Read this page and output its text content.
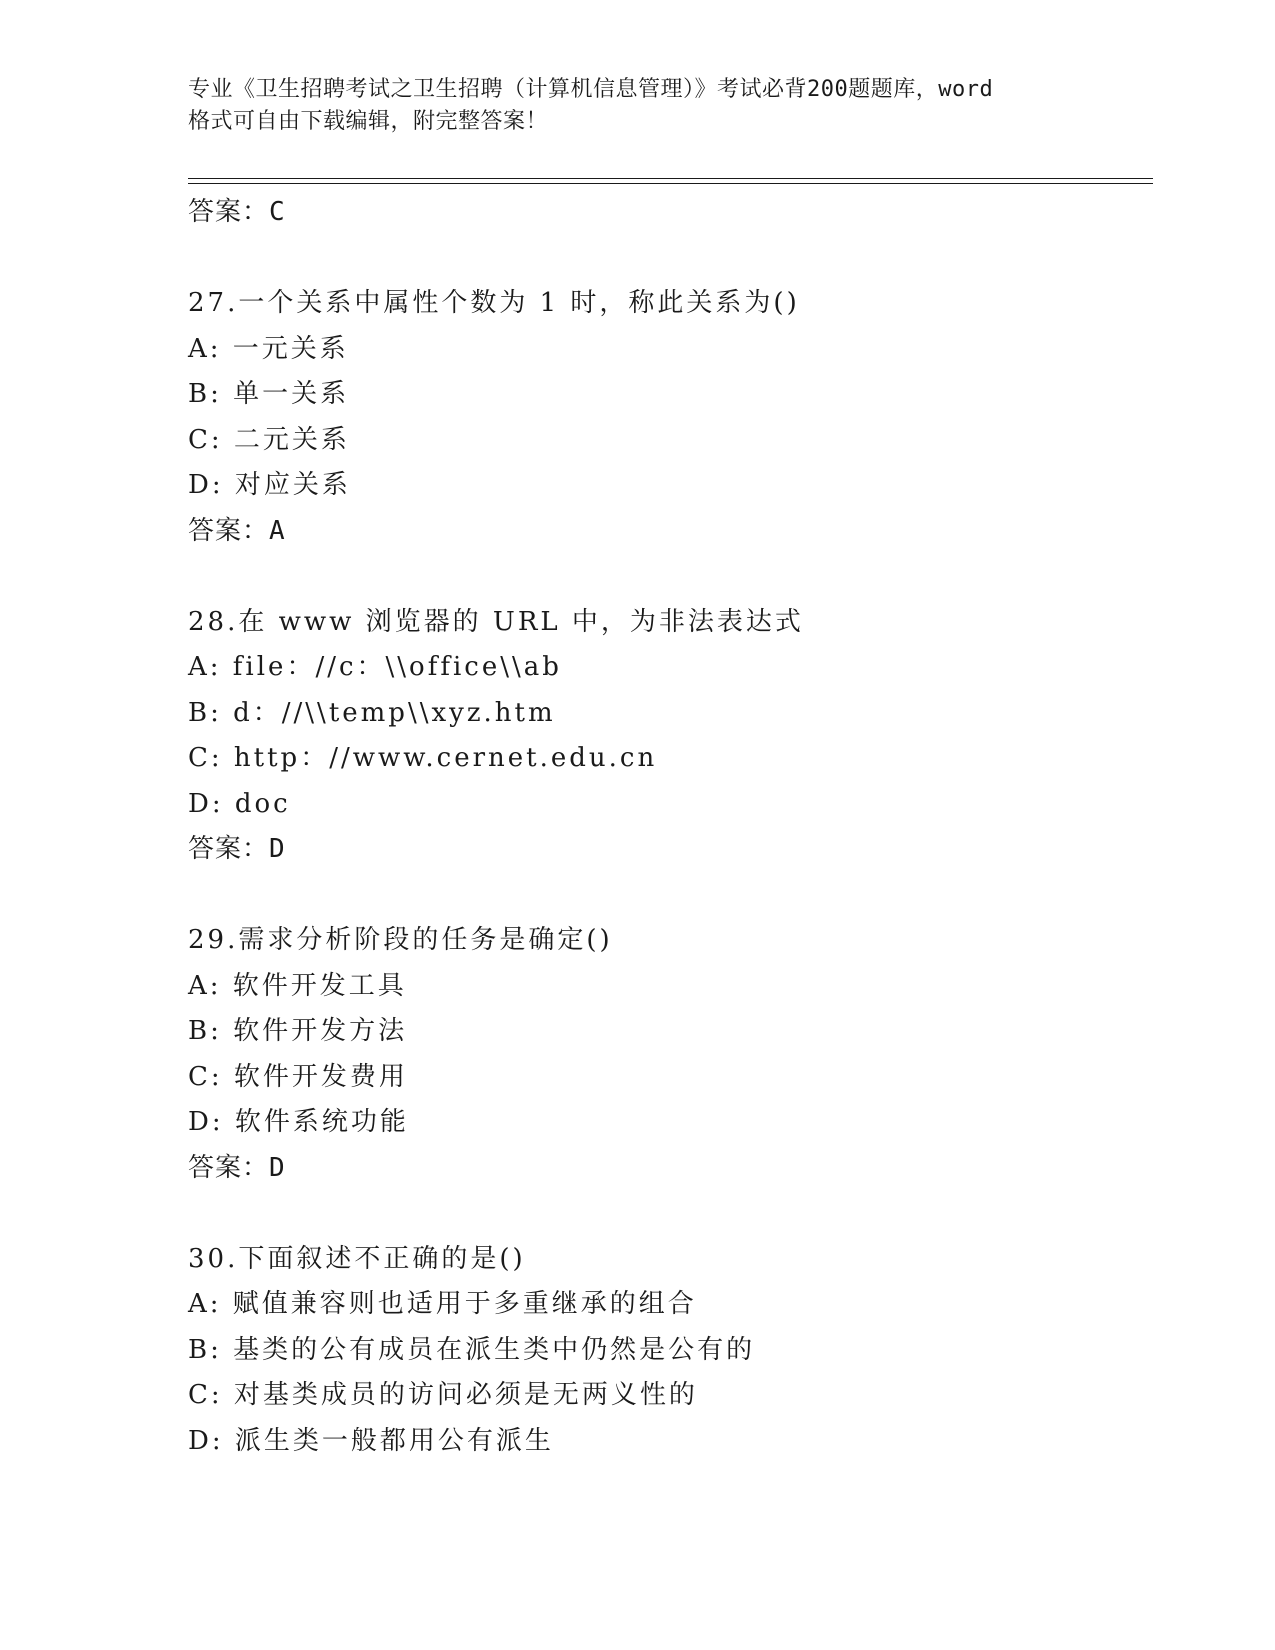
专业《卫生招聘考试之卫生招聘（计算机信息管理）》考试必背200题题库，word
格式可自由下载编辑，附完整答案！
答案：C
27.一个关系中属性个数为 1 时，称此关系为()
A: 一元关系
B: 单一关系
C: 二元关系
D: 对应关系
答案：A
28.在 www 浏览器的 URL 中，为非法表达式
A: file：//c：\\office\\ab
B: d：//\\temp\\xyz.htm
C: http：//www.cernet.edu.cn
D: doc
答案：D
29.需求分析阶段的任务是确定()
A: 软件开发工具
B: 软件开发方法
C: 软件开发费用
D: 软件系统功能
答案：D
30.下面叙述不正确的是()
A: 赋值兼容则也适用于多重继承的组合
B: 基类的公有成员在派生类中仍然是公有的
C: 对基类成员的访问必须是无两义性的
D: 派生类一般都用公有派生
